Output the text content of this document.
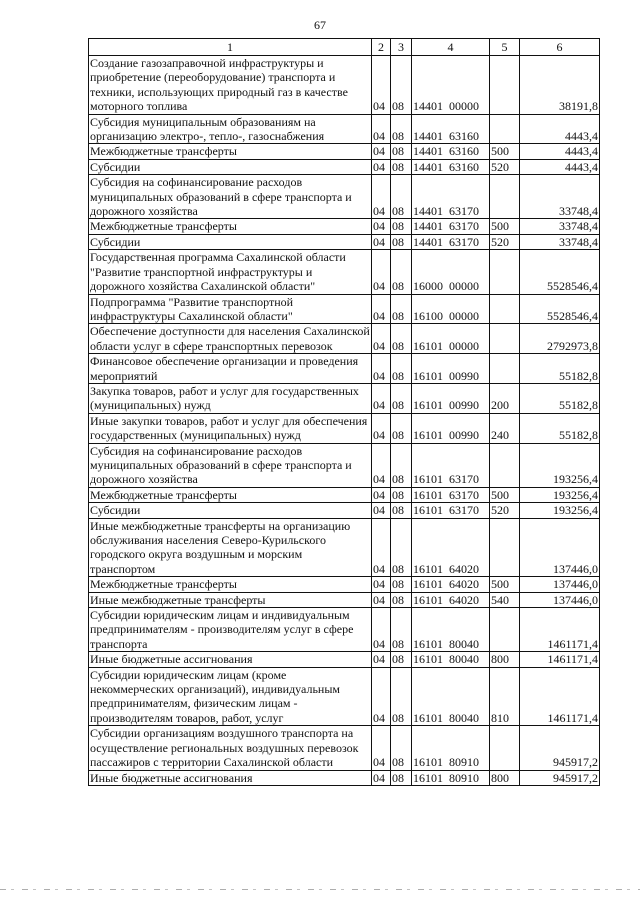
67
1	2	3	4	5	6

Создание газозаправочной инфраструктуры и приобретение (переоборудование) транспорта и техники, использующих природный газ в качестве моторного топлива	04	08	14401  00000		38191,8

Субсидия муниципальным образованиям на организацию электро-, тепло-, газоснабжения	04	08	14401  63160		4443,4

Межбюджетные трансферты	04	08	14401  63160	500	4443,4

Субсидии	04	08	14401  63160	520	4443,4

Субсидия на софинансирование расходов муниципальных образований в сфере транспорта и дорожного хозяйства	04	08	14401  63170		33748,4

Межбюджетные трансферты	04	08	14401  63170	500	33748,4

Субсидии	04	08	14401  63170	520	33748,4

Государственная программа Сахалинской области "Развитие транспортной инфраструктуры и дорожного хозяйства Сахалинской области"	04	08	16000  00000		5528546,4

Подпрограмма "Развитие транспортной инфраструктуры Сахалинской области"	04	08	16100  00000		5528546,4

Обеспечение доступности для населения Сахалинской области услуг в сфере транспортных перевозок	04	08	16101  00000		2792973,8

Финансовое обеспечение организации и проведения мероприятий	04	08	16101  00990		55182,8

Закупка товаров, работ и услуг для государственных (муниципальных) нужд	04	08	16101  00990	200	55182,8

Иные закупки товаров, работ и услуг для обеспечения государственных (муниципальных) нужд	04	08	16101  00990	240	55182,8

Субсидия на софинансирование расходов муниципальных образований в сфере транспорта и дорожного хозяйства	04	08	16101  63170		193256,4

Межбюджетные трансферты	04	08	16101  63170	500	193256,4

Субсидии	04	08	16101  63170	520	193256,4

Иные межбюджетные трансферты на организацию обслуживания населения Северо-Курильского городского округа воздушным и морским транспортом	04	08	16101  64020		137446,0

Межбюджетные трансферты	04	08	16101  64020	500	137446,0

Иные межбюджетные трансферты	04	08	16101  64020	540	137446,0

Субсидии юридическим лицам и индивидуальным предпринимателям - производителям услуг в сфере транспорта	04	08	16101  80040		1461171,4

Иные бюджетные ассигнования	04	08	16101  80040	800	1461171,4

Субсидии юридическим лицам (кроме некоммерческих организаций), индивидуальным предпринимателям, физическим лицам - производителям товаров, работ, услуг	04	08	16101  80040	810	1461171,4

Субсидии организациям воздушного транспорта на осуществление региональных воздушных перевозок пассажиров с территории Сахалинской области	04	08	16101  80910		945917,2

Иные бюджетные ассигнования	04	08	16101  80910	800	945917,2
